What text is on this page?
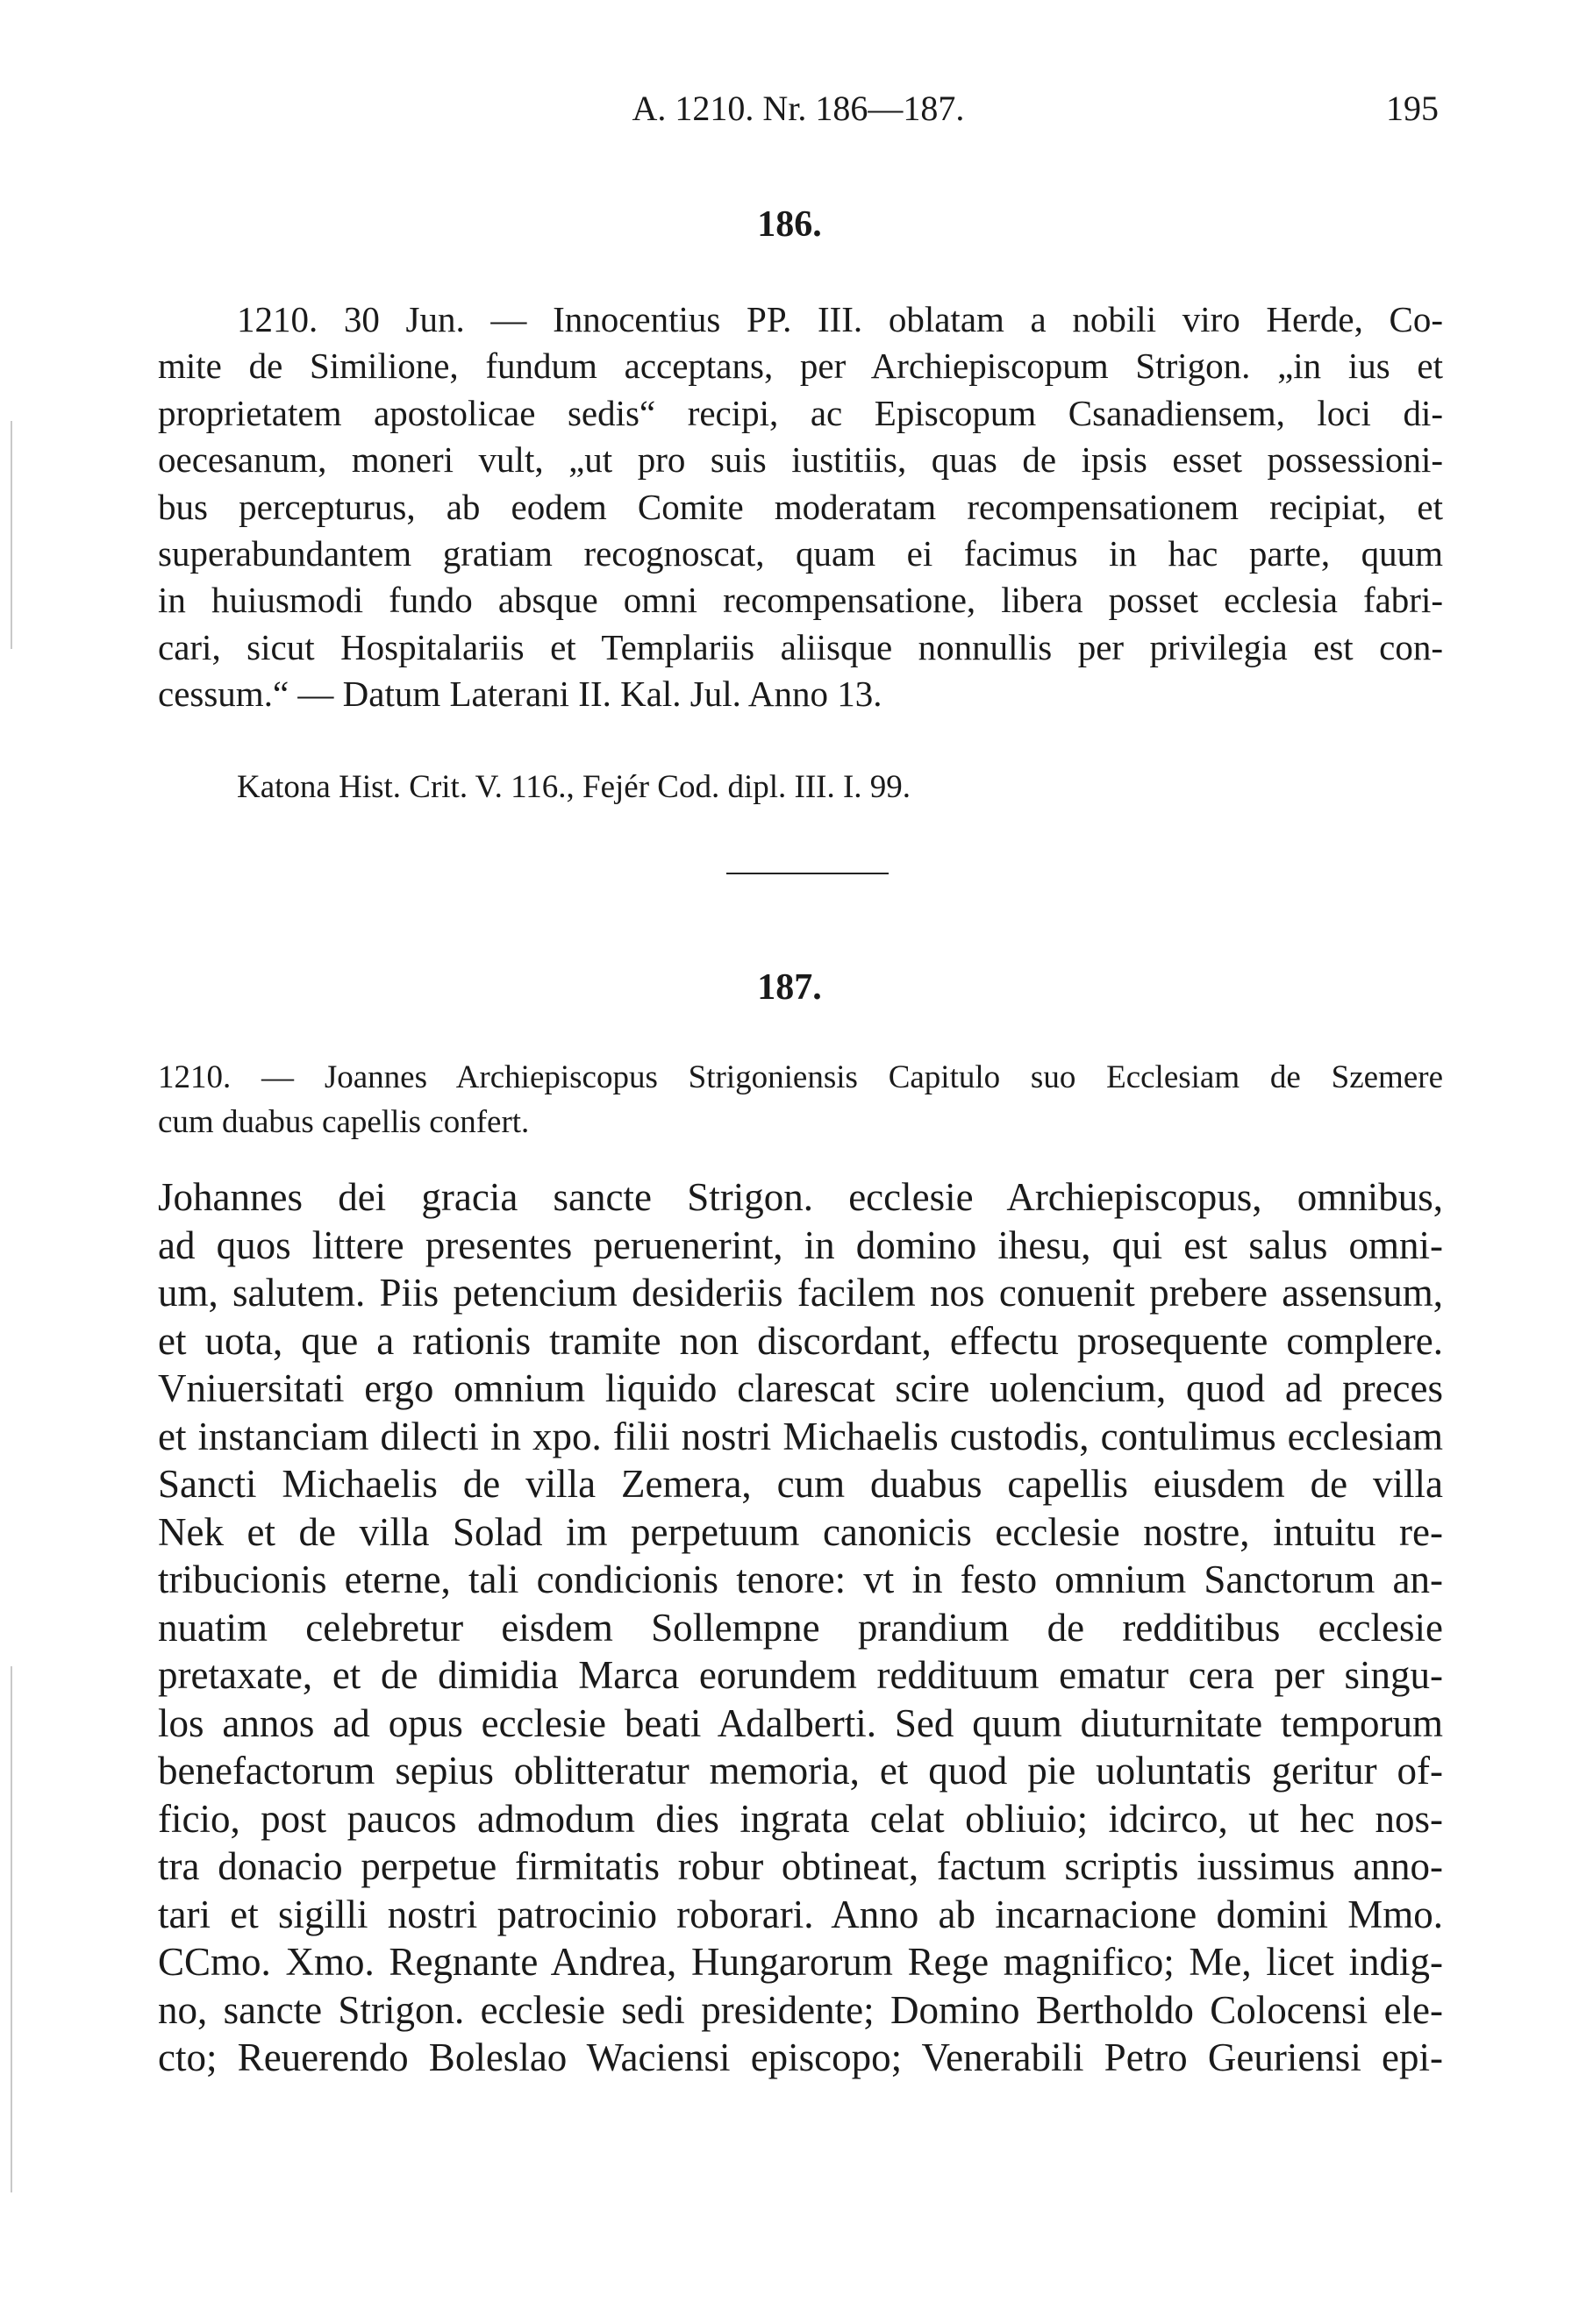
A. 1210. Nr. 186—187.	195
186.
1210. 30 Jun. — Innocentius PP. III. oblatam a nobili viro Herde, Co-
mite de Similione, fundum acceptans, per Archiepiscopum Strigon. „in ius et
proprietatem apostolicae sedis“ recipi, ac Episcopum Csanadiensem, loci di-
oecesanum, moneri vult, „ut pro suis iustitiis, quas de ipsis esset possessioni-
bus percepturus, ab eodem Comite moderatam recompensationem recipiat, et
superabundantem gratiam recognoscat, quam ei facimus in hac parte, quum
in huiusmodi fundo absque omni recompensatione, libera posset ecclesia fabri-
cari, sicut Hospitalariis et Templariis aliisque nonnullis per privilegia est con-
cessum.“ — Datum Laterani II. Kal. Jul. Anno 13.
Katona Hist. Crit. V. 116., Fejér Cod. dipl. III. I. 99.
187.
1210. — Joannes Archiepiscopus Strigoniensis Capitulo suo Ecclesiam de Szemere
cum duabus capellis confert.
Johannes dei gracia sancte Strigon. ecclesie Archiepiscopus, omnibus,
ad quos littere presentes peruenerint, in domino ihesu, qui est salus omni-
um, salutem. Piis petencium desideriis facilem nos conuenit prebere assensum,
et uota, que a rationis tramite non discordant, effectu prosequente complere.
Vniuersitati ergo omnium liquido clarescat scire uolencium, quod ad preces
et instanciam dilecti in xpo. filii nostri Michaelis custodis, contulimus ecclesiam
Sancti Michaelis de villa Zemera, cum duabus capellis eiusdem de villa
Nek et de villa Solad im perpetuum canonicis ecclesie nostre, intuitu re-
tribucionis eterne, tali condicionis tenore: vt in festo omnium Sanctorum an-
nuatim celebretur eisdem Sollempne prandium de redditibus ecclesie
pretaxate, et de dimidia Marca eorundem reddituum ematur cera per singu-
los annos ad opus ecclesie beati Adalberti. Sed quum diuturnitate temporum
benefactorum sepius oblitteratur memoria, et quod pie uoluntatis geritur of-
ficio, post paucos admodum dies ingrata celat obliuio; idcirco, ut hec nos-
tra donacio perpetue firmitatis robur obtineat, factum scriptis iussimus anno-
tari et sigilli nostri patrocinio roborari. Anno ab incarnacione domini Mmo.
CCmo. Xmo. Regnante Andrea, Hungarorum Rege magnifico; Me, licet indig-
no, sancte Strigon. ecclesie sedi presidente; Domino Bertholdo Colocensi ele-
cto; Reuerendo Boleslao Waciensi episcopo; Venerabili Petro Geuriensi epi-
